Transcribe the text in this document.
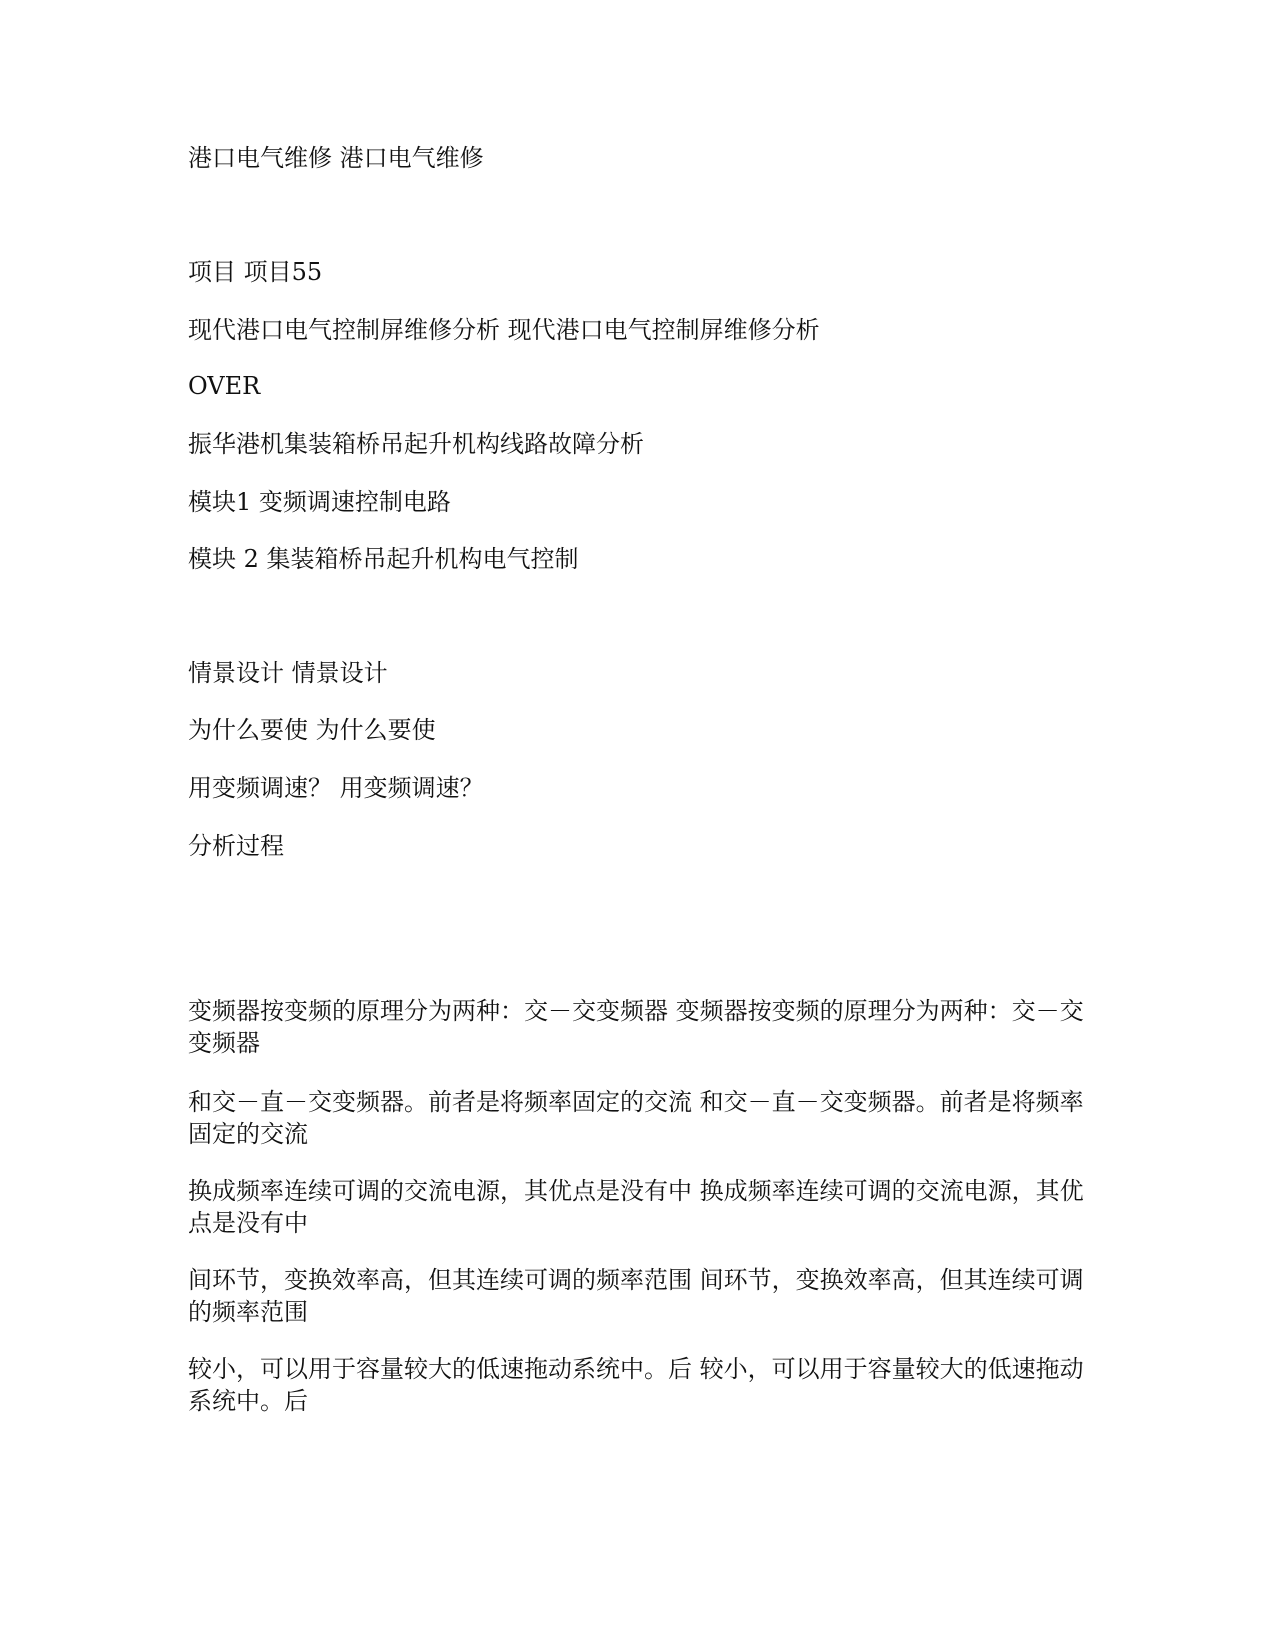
港口电气维修 港口电气维修
项目 项目55
现代港口电气控制屏维修分析 现代港口电气控制屏维修分析
OVER
振华港机集装箱桥吊起升机构线路故障分析
模块1 变频调速控制电路
模块 2 集装箱桥吊起升机构电气控制
情景设计 情景设计
为什么要使 为什么要使
用变频调速？ 用变频调速？
分析过程
变频器按变频的原理分为两种：交－交变频器 变频器按变频的原理分为两种：交－交变频器
和交－直－交变频器。前者是将频率固定的交流 和交－直－交变频器。前者是将频率固定的交流
换成频率连续可调的交流电源，其优点是没有中 换成频率连续可调的交流电源，其优点是没有中
间环节，变换效率高，但其连续可调的频率范围 间环节，变换效率高，但其连续可调的频率范围
较小，可以用于容量较大的低速拖动系统中。后 较小，可以用于容量较大的低速拖动系统中。后
